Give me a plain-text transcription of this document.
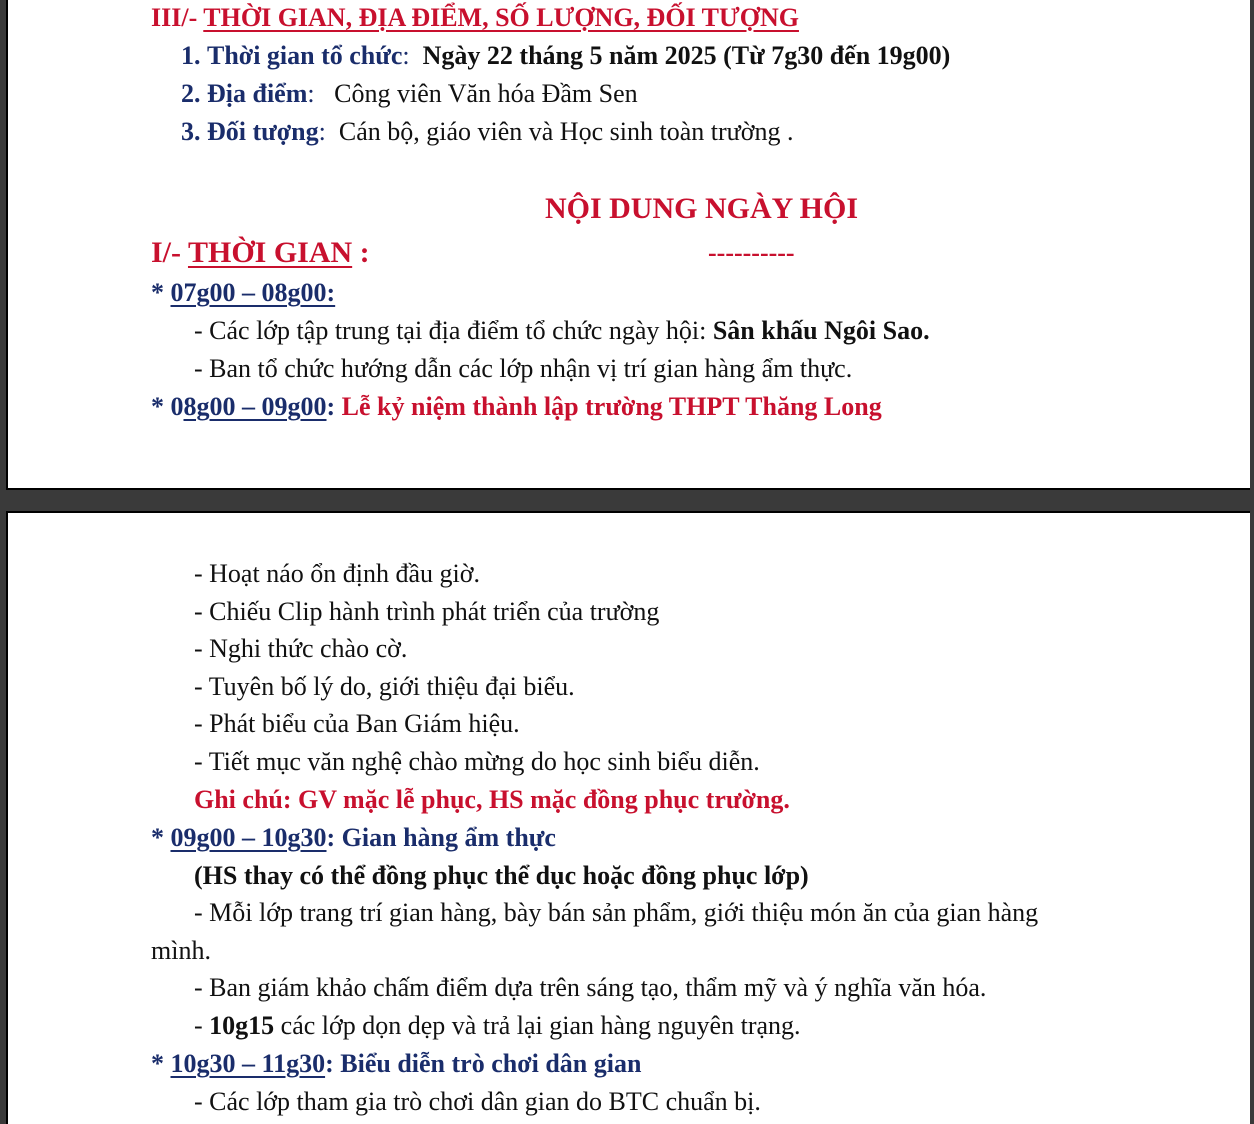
III/- THỜI GIAN, ĐỊA ĐIỂM, SỐ LƯỢNG, ĐỐI TƯỢNG
1. Thời gian tổ chức: Ngày 22 tháng 5 năm 2025 (Từ 7g30 đến 19g00)
2. Địa điểm: Công viên Văn hóa Đầm Sen
3. Đối tượng: Cán bộ, giáo viên và Học sinh toàn trường .
NỘI DUNG NGÀY HỘI
I/- THỜI GIAN :	----------
* 07g00 – 08g00:
- Các lớp tập trung tại địa điểm tổ chức ngày hội: Sân khấu Ngôi Sao.
- Ban tổ chức hướng dẫn các lớp nhận vị trí gian hàng ẩm thực.
* 08g00 – 09g00: Lễ kỷ niệm thành lập trường THPT Thăng Long
- Hoạt náo ổn định đầu giờ.
- Chiếu Clip hành trình phát triển của trường
- Nghi thức chào cờ.
- Tuyên bố lý do, giới thiệu đại biểu.
- Phát biểu của Ban Giám hiệu.
- Tiết mục văn nghệ chào mừng do học sinh biểu diễn.
Ghi chú: GV mặc lễ phục, HS mặc đồng phục trường.
* 09g00 – 10g30: Gian hàng ẩm thực
(HS thay có thể đồng phục thể dục hoặc đồng phục lớp)
- Mỗi lớp trang trí gian hàng, bày bán sản phẩm, giới thiệu món ăn của gian hàng
mình.
- Ban giám khảo chấm điểm dựa trên sáng tạo, thẩm mỹ và ý nghĩa văn hóa.
- 10g15 các lớp dọn dẹp và trả lại gian hàng nguyên trạng.
* 10g30 – 11g30: Biểu diễn trò chơi dân gian
- Các lớp tham gia trò chơi dân gian do BTC chuẩn bị.
